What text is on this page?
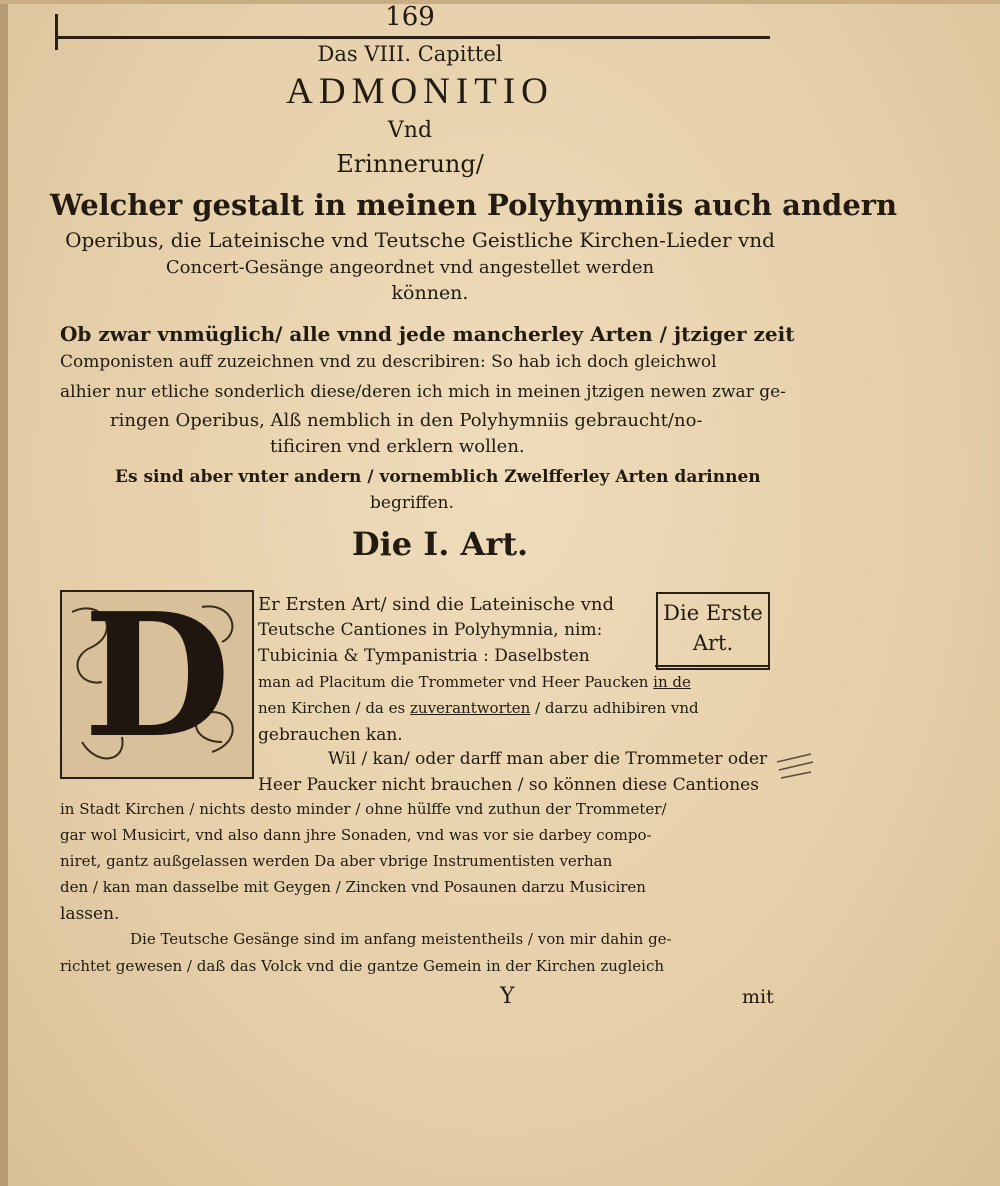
169
Das VIII. Capittel
ADMONITIO
Vnd
Erinnerung/
Welcher gestalt in meinen Polyhymniis auch andern
Operibus, die Lateinische vnd Teutsche Geistliche Kirchen-Lieder vnd
Concert-Gesänge angeordnet vnd angestellet werden
können.
Ob zwar vnmüglich/ alle vnnd jede mancherley Arten / jtziger zeit
Componisten auff zuzeichnen vnd zu describiren: So hab ich doch gleichwol
alhier nur etliche sonderlich diese/deren ich mich in meinen jtzigen newen zwar ge-
ringen Operibus, Alß nemblich in den Polyhymniis gebraucht/no-
tificiren vnd erklern wollen.
Es sind aber vnter andern / vornemblich Zwelfferley Arten darinnen
begriffen.
Die I. Art.
D	Die Erste
Art.
Er Ersten Art/ sind die Lateinische vnd
Teutsche Cantiones in Polyhymnia, nim:
Tubicinia & Tympanistria : Daselbsten
man ad Placitum die Trommeter vnd Heer Paucken in de
nen Kirchen / da es zuverantworten / darzu adhibiren vnd
gebrauchen kan.
Wil / kan/ oder darff man aber die Trommeter oder
Heer Paucker nicht brauchen / so können diese Cantiones
in Stadt Kirchen / nichts desto minder / ohne hülffe vnd zuthun der Trommeter/
gar wol Musicirt, vnd also dann jhre Sonaden, vnd was vor sie darbey compo-
niret, gantz außgelassen werden Da aber vbrige Instrumentisten verhan
den / kan man dasselbe mit Geygen / Zincken vnd Posaunen darzu Musiciren
lassen.
Die Teutsche Gesänge sind im anfang meistentheils / von mir dahin ge-
richtet gewesen / daß das Volck vnd die gantze Gemein in der Kirchen zugleich
Y	mit
